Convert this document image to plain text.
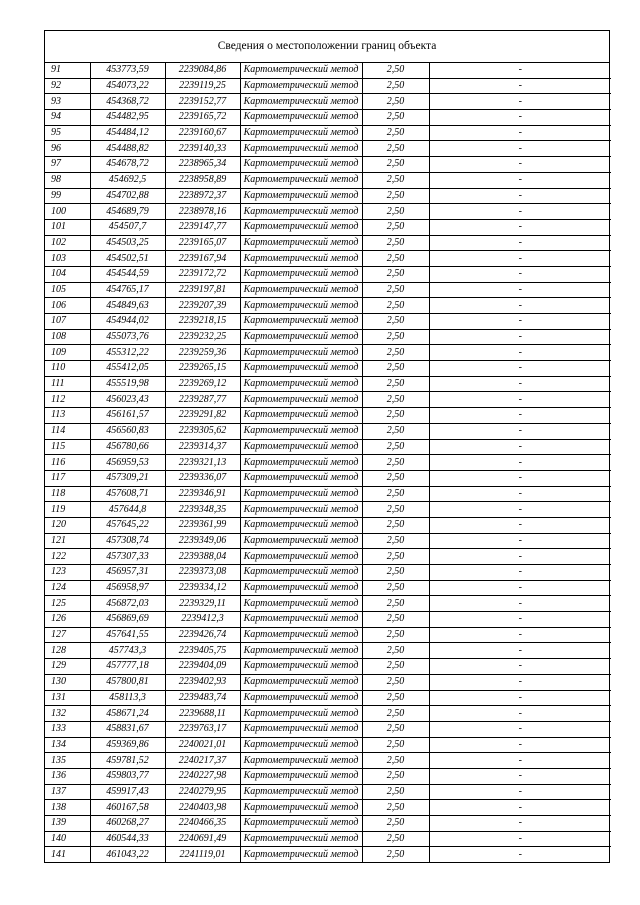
Сведения о местоположении границ объекта
91	453773,59	2239084,86	Картометрический метод	2,50	-
92	454073,22	2239119,25	Картометрический метод	2,50	-
93	454368,72	2239152,77	Картометрический метод	2,50	-
94	454482,95	2239165,72	Картометрический метод	2,50	-
95	454484,12	2239160,67	Картометрический метод	2,50	-
96	454488,82	2239140,33	Картометрический метод	2,50	-
97	454678,72	2238965,34	Картометрический метод	2,50	-
98	454692,5	2238958,89	Картометрический метод	2,50	-
99	454702,88	2238972,37	Картометрический метод	2,50	-
100	454689,79	2238978,16	Картометрический метод	2,50	-
101	454507,7	2239147,77	Картометрический метод	2,50	-
102	454503,25	2239165,07	Картометрический метод	2,50	-
103	454502,51	2239167,94	Картометрический метод	2,50	-
104	454544,59	2239172,72	Картометрический метод	2,50	-
105	454765,17	2239197,81	Картометрический метод	2,50	-
106	454849,63	2239207,39	Картометрический метод	2,50	-
107	454944,02	2239218,15	Картометрический метод	2,50	-
108	455073,76	2239232,25	Картометрический метод	2,50	-
109	455312,22	2239259,36	Картометрический метод	2,50	-
110	455412,05	2239265,15	Картометрический метод	2,50	-
111	455519,98	2239269,12	Картометрический метод	2,50	-
112	456023,43	2239287,77	Картометрический метод	2,50	-
113	456161,57	2239291,82	Картометрический метод	2,50	-
114	456560,83	2239305,62	Картометрический метод	2,50	-
115	456780,66	2239314,37	Картометрический метод	2,50	-
116	456959,53	2239321,13	Картометрический метод	2,50	-
117	457309,21	2239336,07	Картометрический метод	2,50	-
118	457608,71	2239346,91	Картометрический метод	2,50	-
119	457644,8	2239348,35	Картометрический метод	2,50	-
120	457645,22	2239361,99	Картометрический метод	2,50	-
121	457308,74	2239349,06	Картометрический метод	2,50	-
122	457307,33	2239388,04	Картометрический метод	2,50	-
123	456957,31	2239373,08	Картометрический метод	2,50	-
124	456958,97	2239334,12	Картометрический метод	2,50	-
125	456872,03	2239329,11	Картометрический метод	2,50	-
126	456869,69	2239412,3	Картометрический метод	2,50	-
127	457641,55	2239426,74	Картометрический метод	2,50	-
128	457743,3	2239405,75	Картометрический метод	2,50	-
129	457777,18	2239404,09	Картометрический метод	2,50	-
130	457800,81	2239402,93	Картометрический метод	2,50	-
131	458113,3	2239483,74	Картометрический метод	2,50	-
132	458671,24	2239688,11	Картометрический метод	2,50	-
133	458831,67	2239763,17	Картометрический метод	2,50	-
134	459369,86	2240021,01	Картометрический метод	2,50	-
135	459781,52	2240217,37	Картометрический метод	2,50	-
136	459803,77	2240227,98	Картометрический метод	2,50	-
137	459917,43	2240279,95	Картометрический метод	2,50	-
138	460167,58	2240403,98	Картометрический метод	2,50	-
139	460268,27	2240466,35	Картометрический метод	2,50	-
140	460544,33	2240691,49	Картометрический метод	2,50	-
141	461043,22	2241119,01	Картометрический метод	2,50	-
